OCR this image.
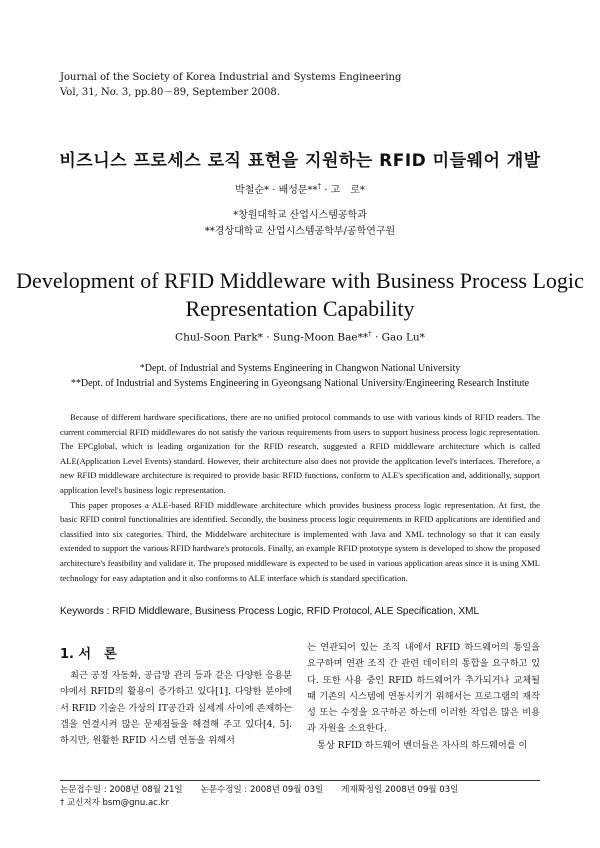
Journal of the Society of Korea Industrial and Systems Engineering
Vol, 31, No. 3, pp.80－89, September 2008.
비즈니스 프로세스 로직 표현을 지원하는 RFID 미들웨어 개발
박철순* · 배성문**† · 고　로*
*창원대학교 산업시스템공학과
**경상대학교 산업시스템공학부/공학연구원
Development of RFID Middleware with Business Process Logic
Representation Capability
Chul-Soon Park* · Sung-Moon Bae**† · Gao Lu*
*Dept. of Industrial and Systems Engineering in Changwon National University
**Dept. of Industrial and Systems Engineering in Gyeongsang National University/Engineering Research Institute

Because of different hardware specifications, there are no unified protocol commands to use with various kinds of RFID readers. The current commercial RFID middlewares do not satisfy the various requirements from users to support business process logic representation. The EPCglobal, which is leading organization for the RFID research, suggested a RFID middleware architecture which is called ALE(Application Level Events) standard. However, their architecture also does not provide the application level's interfaces. Therefore, a new RFID middleware architecture is required to provide basic RFID functions, conform to ALE's specification and, additionally, support application level's business logic representation.

This paper proposes a ALE-based RFID middleware architecture which provides business process logic representation. At first, the basic RFID control functionalities are identified. Secondly, the business process logic requirements in RFID applications are identified and classified into six categories. Third, the Middelware architecture is implemented with Java and XML technology so that it can easily extended to support the various RFID hardware's protocols. Finally, an example RFID prototype system is developed to show the proposed architecture's feasibility and validate it. The proposed middleware is expected to be used in various application areas since it is using XML technology for easy adaptation and it also conforms to ALE interface which is standard specification.

Keywords : RFID Middleware, Business Process Logic, RFID Protocol, ALE Specification, XML
1. 서　론

최근 공정 자동화, 공급망 관리 등과 같은 다양한 응용분야에서 RFID의 활용이 증가하고 있다[1]. 다양한 분야에서 RFID 기술은 가상의 IT공간과 실세계 사이에 존재하는 갭을 연결시켜 많은 문제점들을 해결해 주고 있다[4, 5]. 하지만, 원활한 RFID 시스템 연동을 위해서

는 연관되어 있는 조직 내에서 RFID 하드웨어의 통일을 요구하며 연관 조직 간 관련 데이터의 통합을 요구하고 있다. 또한 사용 중인 RFID 하드웨어가 추가되거나 교체될 때 기존의 시스템에 연동시키기 위해서는 프로그램의 재작성 또는 수정을 요구하곤 하는데 이러한 작업은 많은 비용과 자원을 소요한다.

통상 RFID 하드웨어 벤더들은 자사의 하드웨어를 이

논문접수일 : 2008년 08월 21일 논문수정일 : 2008년 09월 03일 게재확정일 2008년 09월 03일
† 교신저자 bsm@gnu.ac.kr
